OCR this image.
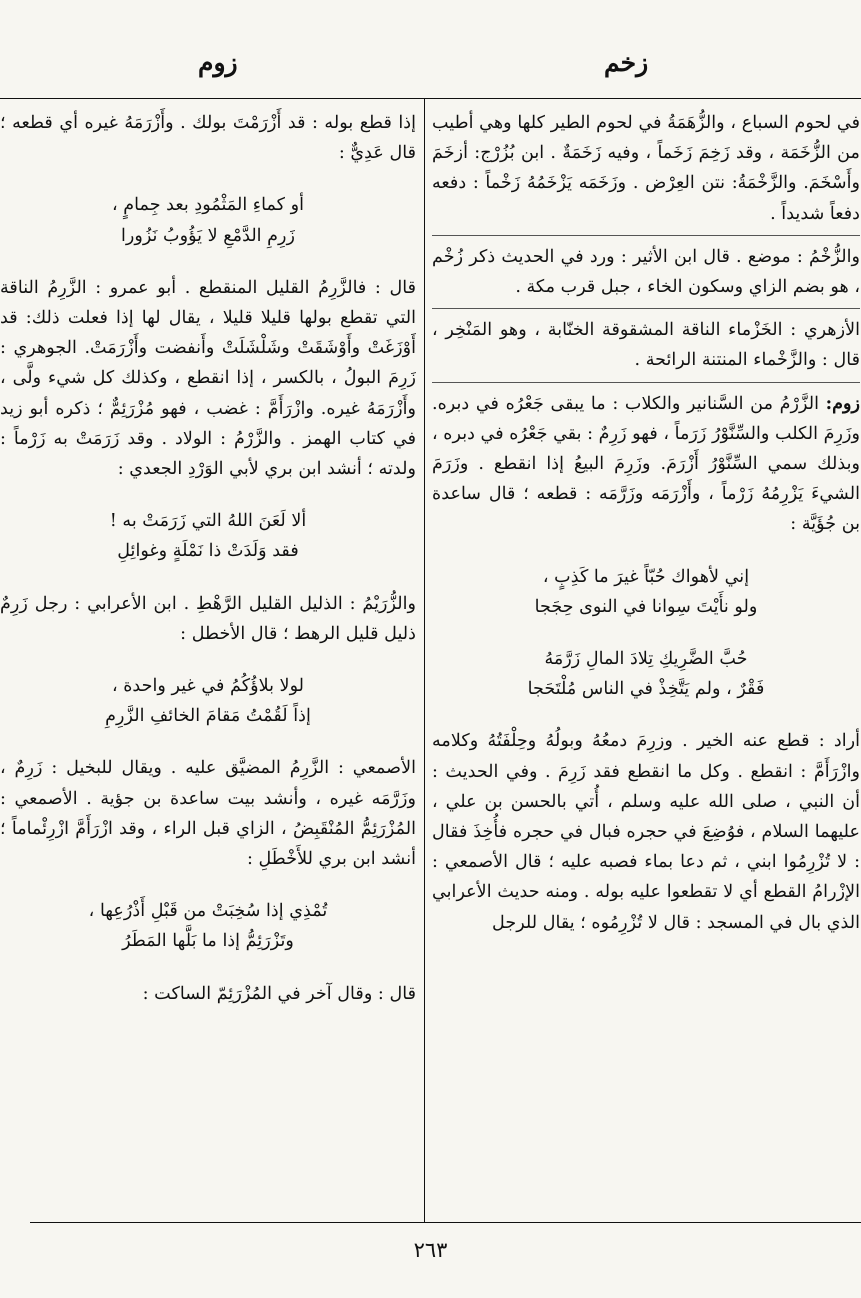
زوم	زخم

في لحوم السباع ، والزُّهَمَةُ في لحوم الطير كلها وهي أطيب من الزُّخَمَة ، وقد زَخِمَ زَخَماً ، وفيه زَخَمَةٌ . ابن بُزُرْج: أزخَمَ وأَسْخَمَ. والزَّخْمَةُ: نتن العِرْض . وزَخَمَه يَزْخَمُهُ زَخْماً : دفعه دفعاً شديداً .

والزُّخْمُ : موضع . قال ابن الأثير : ورد في الحديث ذكر زُخْم ، هو بضم الزاي وسكون الخاء ، جبل قرب مكة .

الأزهري : الخَزْماء الناقة المشقوقة الخنّابة ، وهو المَنْخِر ، قال : والزَّخْماء المنتنة الرائحة .

زوم: الزَّرْمُ من السَّنانير والكلاب : ما يبقى جَعْرُه في دبره. وزَرِمَ الكلب والسِّنَّوْرُ زَرَماً ، فهو زَرِمٌ : بقي جَعْرُه في دبره ، وبذلك سمي السِّنَّوْرُ أَزْرَمَ. وزَرِمَ البيعُ إذا انقطع . وزَرَمَ الشيءَ يَزْرِمُهُ زَرْماً ، وأَزْرَمَه وزَرَّمَه : قطعه ؛ قال ساعدة بن جُؤَيَّة :

إني لأهواك حُبّاً غيرَ ما كَذِبٍ ،

ولو نأَيْتَ سِوانا في النوى حِجَجا

حُبَّ الضَّرِيكِ تِلادَ المالِ زَرَّمَهُ

فَقْرٌ ، ولم يَتَّخِذْ في الناس مُلْتَحَجا

أراد : قطع عنه الخير . وزرِمَ دمعُهُ وبولُهُ وحِلْفَتُهُ وكلامه وازْرَأَمَّ : انقطع . وكل ما انقطع فقد زَرِمَ . وفي الحديث : أن النبي ، صلى الله عليه وسلم ، أُتي بالحسن بن علي ، عليهما السلام ، فوُضِعَ في حجره فبال في حجره فأُخِذَ فقال : لا تُزْرِمُوا ابني ، ثم دعا بماء فصبه عليه ؛ قال الأصمعي : الإزْرامُ القطع أي لا تقطعوا عليه بوله . ومنه حديث الأعرابي الذي بال في المسجد : قال لا تُزْرِمُوه ؛ يقال للرجل

إذا قطع بوله : قد أَزْرَمْتَ بولك . وأَزْرَمَهُ غيره أي قطعه ؛ قال عَدِيٌّ :

أو كماءِ المَثْمُودِ بعد جِمامٍ ،

زَرِمِ الدَّمْعِ لا يَؤُوبُ نَزُورا

قال : فالزَّرِمُ القليل المنقطع . أبو عمرو : الزَّرِمُ الناقة التي تقطع بولها قليلا قليلا ، يقال لها إذا فعلت ذلك: قد أَوْزَغَتْ وأَوْشَقَتْ وشَلْشَلَتْ وأَنفضت وأَزْرَمَتْ. الجوهري : زَرِمَ البولُ ، بالكسر ، إذا انقطع ، وكذلك كل شيء ولَّى ، وأَزْرَمَهُ غيره. وازْرَأَمَّ : غضب ، فهو مُزْرَئِمٌّ ؛ ذكره أبو زيد في كتاب الهمز . والزَّرْمُ : الولاد . وقد زَرَمَتْ به زَرْماً : ولدته ؛ أنشد ابن بري لأبي الوَرْدِ الجعدي :

ألا لَعَنَ اللهُ التي زَرَمَتْ به !

فقد وَلَدَتْ ذا نَمْلَةٍ وغوائِلِ

والزُّرَيْمُ : الذليل القليل الرَّهْطِ . ابن الأعرابي : رجل زَرِمٌ ذليل قليل الرهط ؛ قال الأخطل :

لولا بلاؤُكُمُ في غير واحدة ،

إذاً لَقُمْتُ مَقامَ الخائفِ الزَّرِمِ

الأصمعي : الزَّرِمُ المضيَّق عليه . ويقال للبخيل : زَرِمٌ ، وزَرَّمَه غيره ، وأنشد بيت ساعدة بن جؤية . الأصمعي : المُزْرَئِمُّ المُنْقَبِضُ ، الزاي قبل الراء ، وقد ازْرَأَمَّ ازْرِئْماماً ؛ أنشد ابن بري للأَخْطَلِ :

تُمْذِي إذا سُخِبَتْ من قَبْلِ أَذْرُعِها ،

وتَزْرَئِمُّ إذا ما بَلَّها المَطَرُ

قال : وقال آخر في المُزْرَئِمّ الساكت :

٢٦٣
